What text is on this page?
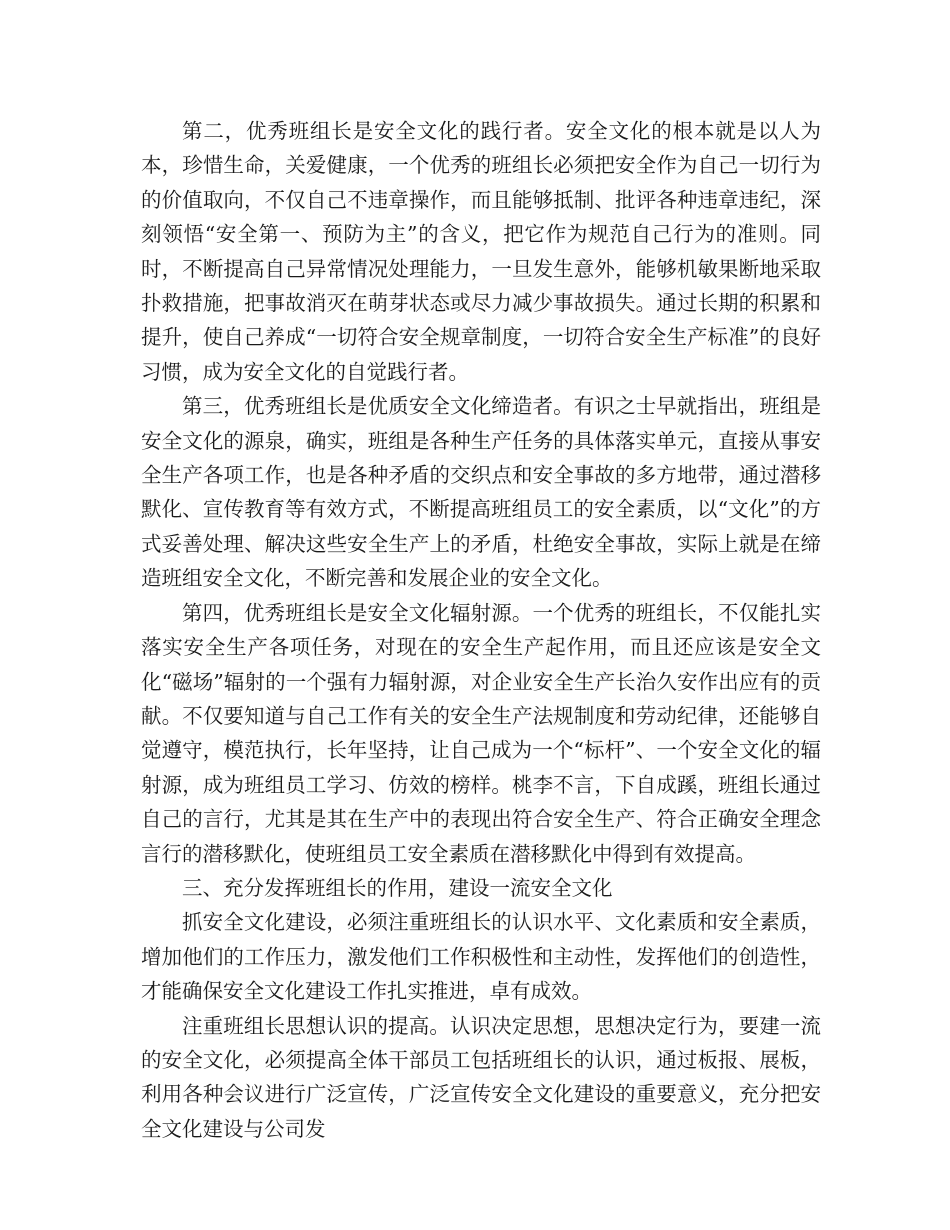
第二，优秀班组长是安全文化的践行者。安全文化的根本就是以人为本，珍惜生命，关爱健康，一个优秀的班组长必须把安全作为自己一切行为的价值取向，不仅自己不违章操作，而且能够抵制、批评各种违章违纪，深刻领悟“安全第一、预防为主”的含义，把它作为规范自己行为的准则。同时，不断提高自己异常情况处理能力，一旦发生意外，能够机敏果断地采取扑救措施，把事故消灭在萌芽状态或尽力减少事故损失。通过长期的积累和提升，使自己养成“一切符合安全规章制度，一切符合安全生产标准”的良好习惯，成为安全文化的自觉践行者。

第三，优秀班组长是优质安全文化缔造者。有识之士早就指出，班组是安全文化的源泉，确实，班组是各种生产任务的具体落实单元，直接从事安全生产各项工作，也是各种矛盾的交织点和安全事故的多方地带，通过潜移默化、宣传教育等有效方式，不断提高班组员工的安全素质，以“文化”的方式妥善处理、解决这些安全生产上的矛盾，杜绝安全事故，实际上就是在缔造班组安全文化，不断完善和发展企业的安全文化。

第四，优秀班组长是安全文化辐射源。一个优秀的班组长，不仅能扎实落实安全生产各项任务，对现在的安全生产起作用，而且还应该是安全文化“磁场”辐射的一个强有力辐射源，对企业安全生产长治久安作出应有的贡献。不仅要知道与自己工作有关的安全生产法规制度和劳动纪律，还能够自觉遵守，模范执行，长年坚持，让自己成为一个“标杆”、一个安全文化的辐射源，成为班组员工学习、仿效的榜样。桃李不言，下自成蹊，班组长通过自己的言行，尤其是其在生产中的表现出符合安全生产、符合正确安全理念言行的潜移默化，使班组员工安全素质在潜移默化中得到有效提高。

三、充分发挥班组长的作用，建设一流安全文化

抓安全文化建设，必须注重班组长的认识水平、文化素质和安全素质，增加他们的工作压力，激发他们工作积极性和主动性，发挥他们的创造性，才能确保安全文化建设工作扎实推进，卓有成效。

注重班组长思想认识的提高。认识决定思想，思想决定行为，要建一流的安全文化，必须提高全体干部员工包括班组长的认识，通过板报、展板，利用各种会议进行广泛宣传，广泛宣传安全文化建设的重要意义，充分把安全文化建设与公司发
